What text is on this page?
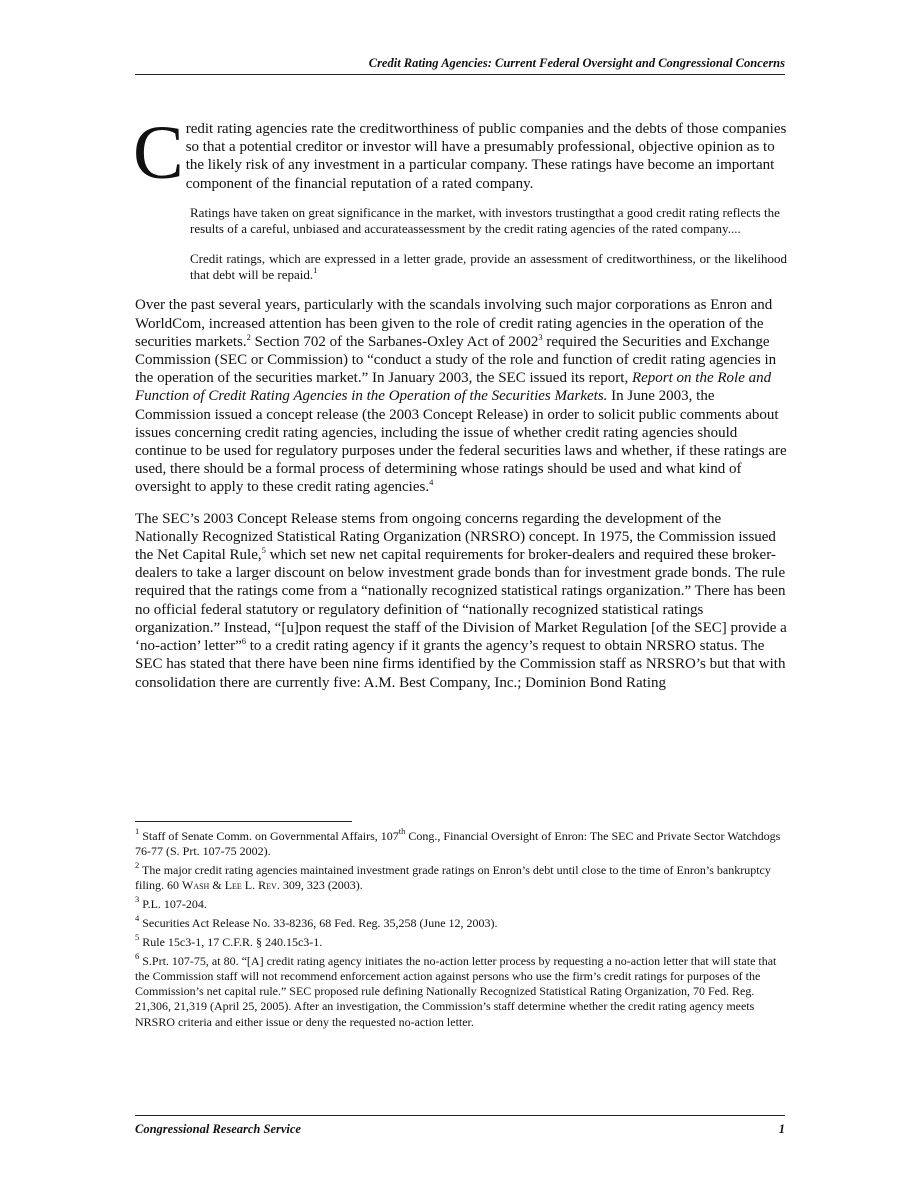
Credit Rating Agencies: Current Federal Oversight and Congressional Concerns

Credit rating agencies rate the creditworthiness of public companies and the debts of those companies so that a potential creditor or investor will have a presumably professional, objective opinion as to the likely risk of any investment in a particular company. These ratings have become an important component of the financial reputation of a rated company.

Ratings have taken on great significance in the market, with investors trustingthat a good credit rating reflects the results of a careful, unbiased and accurateassessment by the credit rating agencies of the rated company....

Credit ratings, which are expressed in a letter grade, provide an assessment of creditworthiness, or the likelihood that debt will be repaid.$^1$

Over the past several years, particularly with the scandals involving such major corporations as Enron and WorldCom, increased attention has been given to the role of credit rating agencies in the operation of the securities markets.$^2$ Section 702 of the Sarbanes-Oxley Act of 2002$^3$ required the Securities and Exchange Commission (SEC or Commission) to “conduct a study of the role and function of credit rating agencies in the operation of the securities market.” In January 2003, the SEC issued its report, Report on the Role and Function of Credit Rating Agencies in the Operation of the Securities Markets. In June 2003, the Commission issued a concept release (the 2003 Concept Release) in order to solicit public comments about issues concerning credit rating agencies, including the issue of whether credit rating agencies should continue to be used for regulatory purposes under the federal securities laws and whether, if these ratings are used, there should be a formal process of determining whose ratings should be used and what kind of oversight to apply to these credit rating agencies.$^4$

The SEC’s 2003 Concept Release stems from ongoing concerns regarding the development of the Nationally Recognized Statistical Rating Organization (NRSRO) concept. In 1975, the Commission issued the Net Capital Rule,$^5$ which set new net capital requirements for broker-dealers and required these broker-dealers to take a larger discount on below investment grade bonds than for investment grade bonds. The rule required that the ratings come from a “nationally recognized statistical ratings organization.” There has been no official federal statutory or regulatory definition of “nationally recognized statistical ratings organization.” Instead, “[u]pon request the staff of the Division of Market Regulation [of the SEC] provide a ‘no-action’ letter”$^6$ to a credit rating agency if it grants the agency’s request to obtain NRSRO status. The SEC has stated that there have been nine firms identified by the Commission staff as NRSRO’s but that with consolidation there are currently five: A.M. Best Company, Inc.; Dominion Bond Rating

$^1$ Staff of Senate Comm. on Governmental Affairs, 107th Cong., Financial Oversight of Enron: The SEC and Private Sector Watchdogs 76-77 (S. Prt. 107-75 2002).

$^2$ The major credit rating agencies maintained investment grade ratings on Enron’s debt until close to the time of Enron’s bankruptcy filing. 60 Wash & Lee L. Rev. 309, 323 (2003).

$^3$ P.L. 107-204.

$^4$ Securities Act Release No. 33-8236, 68 Fed. Reg. 35,258 (June 12, 2003).

$^5$ Rule 15c3-1, 17 C.F.R. § 240.15c3-1.

$^6$ S.Prt. 107-75, at 80. “[A] credit rating agency initiates the no-action letter process by requesting a no-action letter that will state that the Commission staff will not recommend enforcement action against persons who use the firm’s credit ratings for purposes of the Commission’s net capital rule.” SEC proposed rule defining Nationally Recognized Statistical Rating Organization, 70 Fed. Reg. 21,306, 21,319 (April 25, 2005). After an investigation, the Commission’s staff determine whether the credit rating agency meets NRSRO criteria and either issue or deny the requested no-action letter.

Congressional Research Service	1
